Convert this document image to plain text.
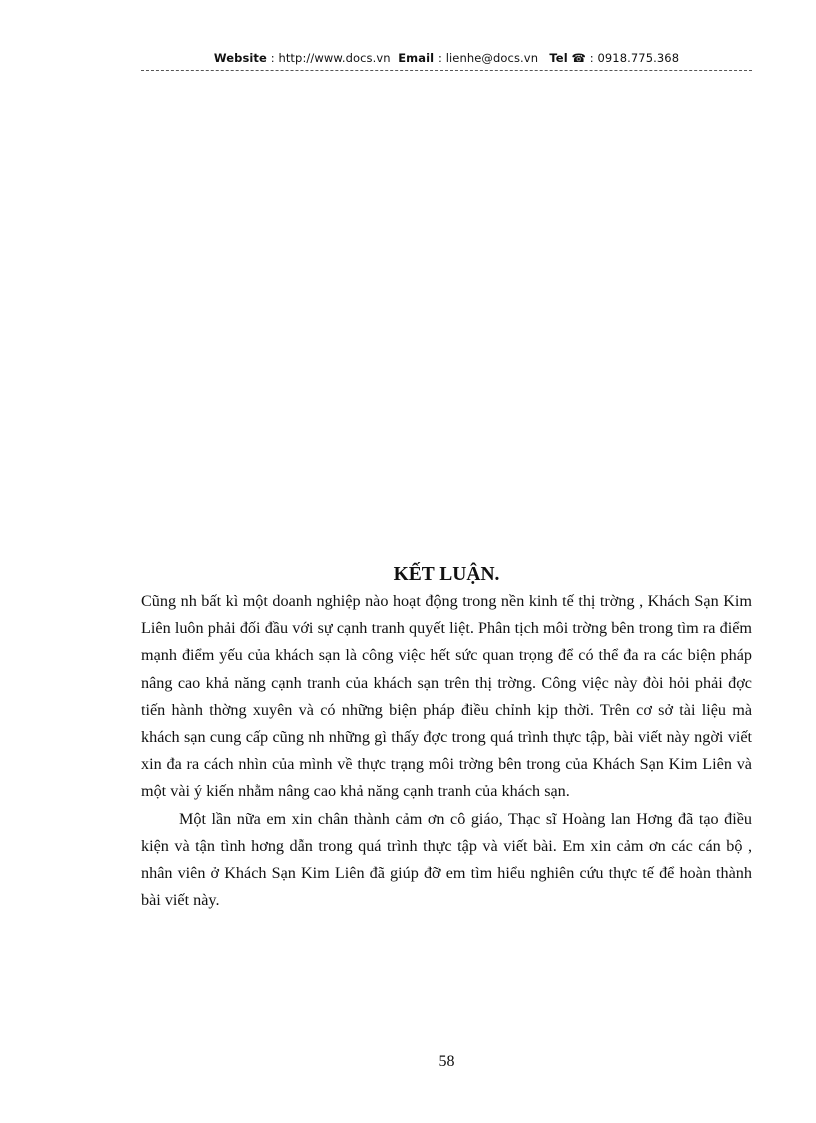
Website : http://www.docs.vn Email : lienhe@docs.vn Tel ☎ : 0918.775.368
KẾT LUẬN.

Cũng nh bất kì một doanh nghiệp nào hoạt động trong nền kinh tế thị trờng , Khách Sạn Kim Liên luôn phải đối đầu với sự cạnh tranh quyết liệt. Phân tịch môi trờng bên trong tìm ra điểm mạnh điểm yếu của khách sạn là công việc hết sức quan trọng để có thể đa ra các biện pháp nâng cao khả năng cạnh tranh của khách sạn trên thị trờng. Công việc này đòi hỏi phải đợc tiến hành thờng xuyên và có những biện pháp điều chỉnh kịp thời. Trên cơ sở tài liệu mà khách sạn cung cấp cũng nh những gì thấy đợc trong quá trình thực tập, bài viết này ngời viết xin đa ra cách nhìn của mình về thực trạng môi trờng bên trong của Khách Sạn Kim Liên và một vài ý kiến nhằm nâng cao khả năng cạnh tranh của khách sạn.

Một lần nữa em xin chân thành cảm ơn cô giáo, Thạc sĩ Hoàng lan Hơng đã tạo điều kiện và tận tình hơng dẫn trong quá trình thực tập và viết bài. Em xin cảm ơn các cán bộ , nhân viên ở Khách Sạn Kim Liên đã giúp đỡ em tìm hiểu nghiên cứu thực tế để hoàn thành bài viết này.

58
